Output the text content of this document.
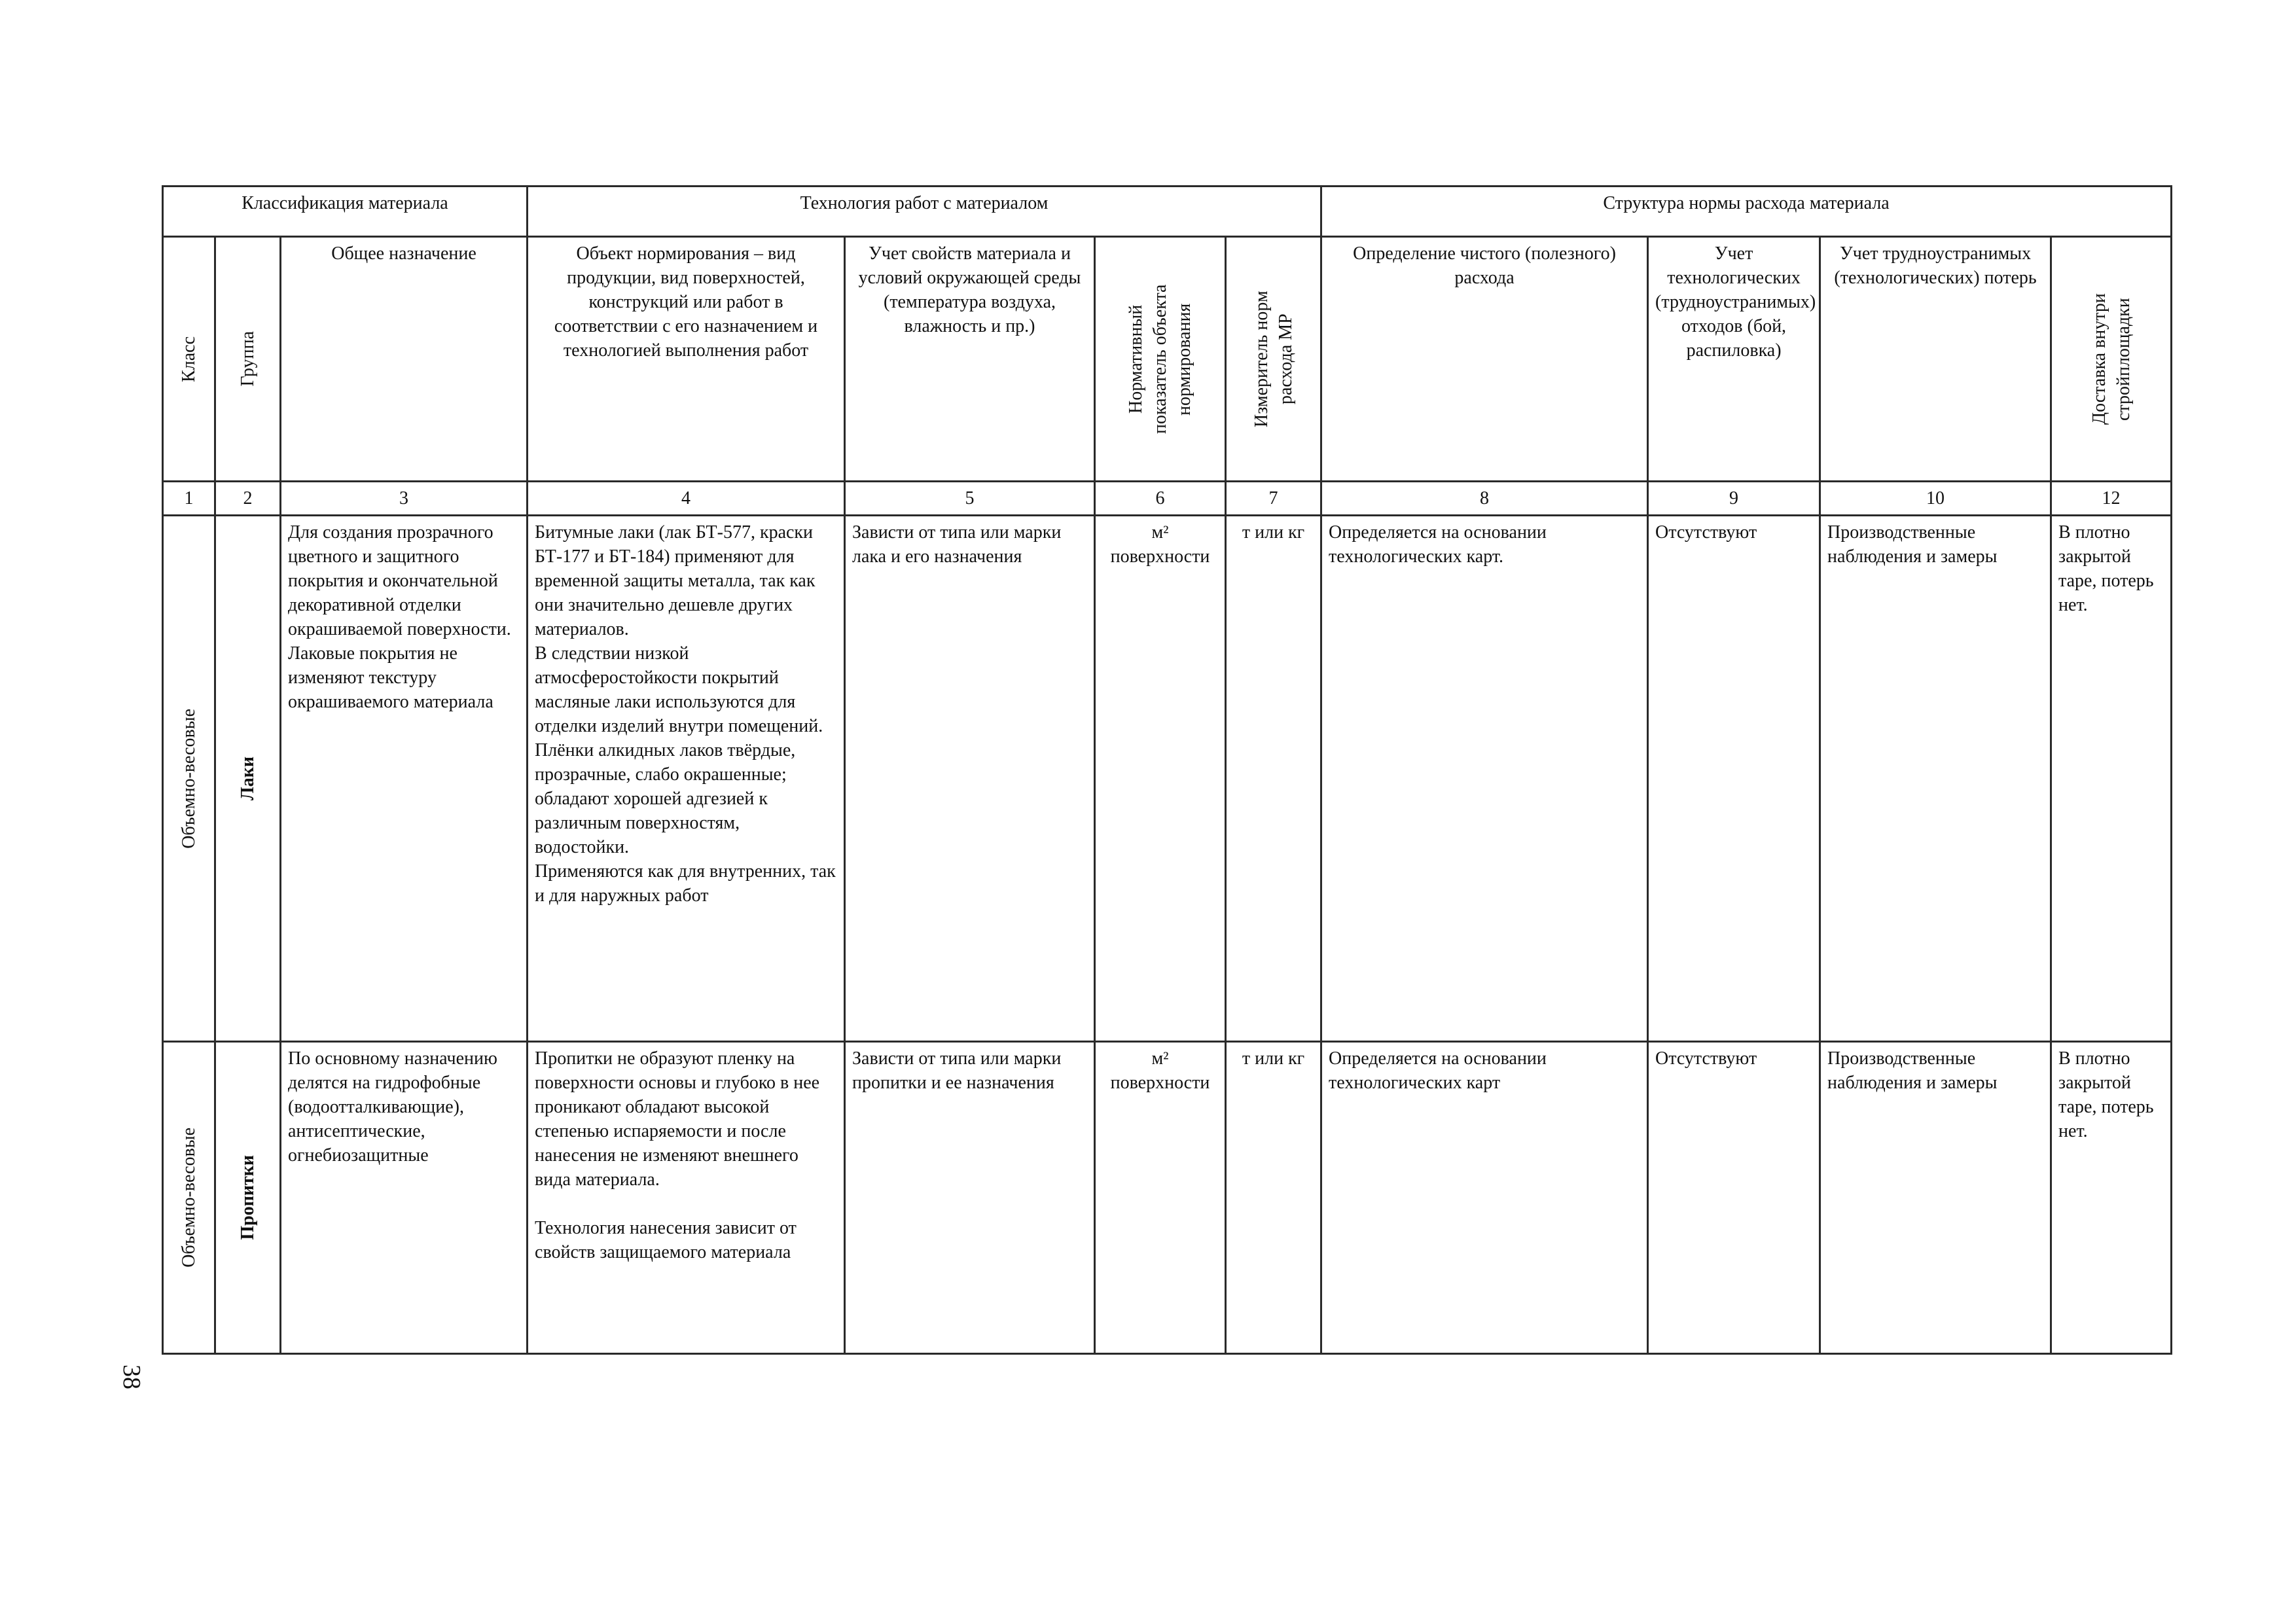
Классификация материала			Технология работ с материалом				Структура нормы расхода материала			

Класс	Группа	Общее назначение	Объект нормирования – вид продукции, вид поверхностей, конструкций или работ в соответствии с его назначением и технологией выполнения работ	Учет свойств материала и условий окружающей среды (температура воздуха, влажность и пр.)	Нормативный показатель объекта нормирования	Измеритель норм расхода МР	Определение чистого (полезного) расхода	Учет технологических (трудноустранимых) отходов (бой, распиловка)	Учет трудноустранимых (технологических) потерь	Доставка внутри стройплощадки

1	2	3	4	5	6	7	8	9	10	12

Объемно-весовые	Лаки	Для создания прозрачного цветного и защитного покрытия и окончательной декоративной отделки окрашиваемой поверхности.
Лаковые покрытия не изменяют текстуру окрашиваемого материала	Битумные лаки (лак БТ-577, краски БТ-177 и БТ-184) применяют для временной защиты металла, так как они значительно дешевле других материалов.
В следствии низкой атмосферостойкости покрытий масляные лаки используются для отделки изделий внутри помещений.
Плёнки алкидных лаков твёрдые, прозрачные, слабо окрашенные; обладают хорошей адгезией к различным поверхностям, водостойки.
Применяются как для внутренних, так и для наружных работ	Зависти от типа или марки лака и его назначения	м² поверхности	т или кг	Определяется на основании технологических карт.	Отсутствуют	Производственные наблюдения и замеры	В плотно закрытой таре, потерь нет.

Объемно-весовые	Пропитки	По основному назначению делятся на гидрофобные (водоотталкивающие), антисептические, огнебиозащитные	Пропитки не образуют пленку на поверхности основы и глубоко в нее проникают обладают высокой степенью испаряемости и после нанесения не изменяют внешнего вида материала.

Технология нанесения зависит от свойств защищаемого материала	Зависти от типа или марки пропитки и ее назначения	м² поверхности	т или кг	Определяется на основании технологических карт	Отсутствуют	Производственные наблюдения и замеры	В плотно закрытой таре, потерь нет.
38
